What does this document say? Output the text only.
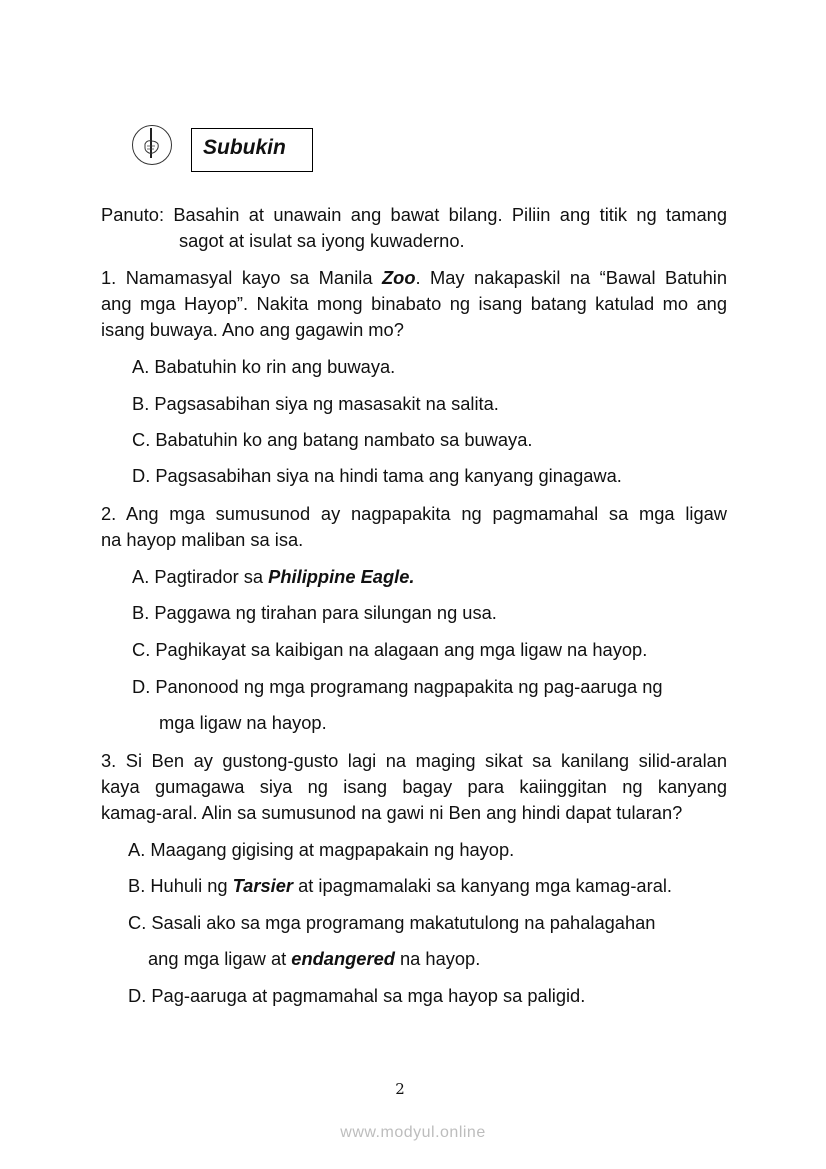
Subukin
Panuto: Basahin at unawain ang bawat bilang. Piliin ang titik ng tamang
sagot at isulat sa iyong kuwaderno.
1. Namamasyal kayo sa Manila Zoo. May nakapaskil na “Bawal Batuhin
ang mga Hayop”. Nakita mong binabato ng isang batang katulad mo ang
isang buwaya. Ano ang gagawin mo?
A. Babatuhin ko rin ang buwaya.
B. Pagsasabihan siya ng masasakit na salita.
C. Babatuhin ko ang batang nambato sa buwaya.
D. Pagsasabihan siya na hindi tama ang kanyang ginagawa.
2. Ang mga sumusunod ay nagpapakita ng pagmamahal sa mga ligaw
na hayop maliban sa isa.
A. Pagtirador sa Philippine Eagle.
B. Paggawa ng tirahan para silungan ng usa.
C. Paghikayat sa kaibigan na alagaan ang mga ligaw na hayop.
D. Panonood ng mga programang nagpapakita ng pag-aaruga ng
mga ligaw na hayop.
3. Si Ben ay gustong-gusto lagi na maging sikat sa kanilang silid-aralan
kaya gumagawa siya ng isang bagay para kaiinggitan ng kanyang
kamag-aral. Alin sa sumusunod na gawi ni Ben ang hindi dapat tularan?
A. Maagang gigising at magpapakain ng hayop.
B. Huhuli ng Tarsier at ipagmamalaki sa kanyang mga kamag-aral.
C. Sasali ako sa mga programang makatutulong na pahalagahan
ang mga ligaw at endangered na hayop.
D. Pag-aaruga at pagmamahal sa mga hayop sa paligid.
2
www.modyul.online
